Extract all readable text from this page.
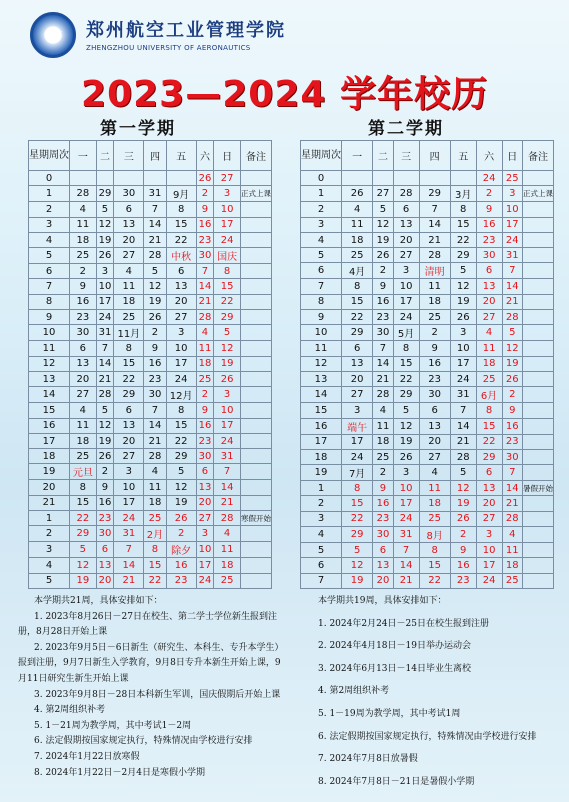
郑州航空工业管理学院
ZHENGZHOU UNIVERSITY OF AERONAUTICS
2023—2024 学年校历
第一学期	第二学期
星期周次	一	二	三	四	五	六	日	备注
0						26	27	
1	28	29	30	31	9月	2	3	正式上课
2	4	5	6	7	8	9	10	
3	11	12	13	14	15	16	17	
4	18	19	20	21	22	23	24	
5	25	26	27	28	中秋	30	国庆	
6	2	3	4	5	6	7	8	
7	9	10	11	12	13	14	15	
8	16	17	18	19	20	21	22	
9	23	24	25	26	27	28	29	
10	30	31	11月	2	3	4	5	
11	6	7	8	9	10	11	12	
12	13	14	15	16	17	18	19	
13	20	21	22	23	24	25	26	
14	27	28	29	30	12月	2	3	
15	4	5	6	7	8	9	10	
16	11	12	13	14	15	16	17	
17	18	19	20	21	22	23	24	
18	25	26	27	28	29	30	31	
19	元旦	2	3	4	5	6	7	
20	8	9	10	11	12	13	14	
21	15	16	17	18	19	20	21	
1	22	23	24	25	26	27	28	寒假开始
2	29	30	31	2月	2	3	4	
3	5	6	7	8	除夕	10	11	
4	12	13	14	15	16	17	18	
5	19	20	21	22	23	24	25	
星期周次	一	二	三	四	五	六	日	备注
0						24	25	
1	26	27	28	29	3月	2	3	正式上课
2	4	5	6	7	8	9	10	
3	11	12	13	14	15	16	17	
4	18	19	20	21	22	23	24	
5	25	26	27	28	29	30	31	
6	4月	2	3	清明	5	6	7	
7	8	9	10	11	12	13	14	
8	15	16	17	18	19	20	21	
9	22	23	24	25	26	27	28	
10	29	30	5月	2	3	4	5	
11	6	7	8	9	10	11	12	
12	13	14	15	16	17	18	19	
13	20	21	22	23	24	25	26	
14	27	28	29	30	31	6月	2	
15	3	4	5	6	7	8	9	
16	端午	11	12	13	14	15	16	
17	17	18	19	20	21	22	23	
18	24	25	26	27	28	29	30	
19	7月	2	3	4	5	6	7	
1	8	9	10	11	12	13	14	暑假开始
2	15	16	17	18	19	20	21	
3	22	23	24	25	26	27	28	
4	29	30	31	8月	2	3	4	
5	5	6	7	8	9	10	11	
6	12	13	14	15	16	17	18	
7	19	20	21	22	23	24	25	

本学期共21周，具体安排如下：

1. 2023年8月26日－27日在校生、第二学士学位新生报到注册，8月28日开始上课

2. 2023年9月5日－6日新生（研究生、本科生、专升本学生）报到注册，9月7日新生入学教育，9月8日专升本新生开始上课，9月11日研究生新生开始上课

3. 2023年9月8日－28日本科新生军训，国庆假期后开始上课

4. 第2周组织补考

5. 1－21周为教学周，其中考试1－2周

6. 法定假期按国家规定执行，特殊情况由学校进行安排

7. 2024年1月22日放寒假

8. 2024年1月22日－2月4日是寒假小学期

本学期共19周，具体安排如下：

1. 2024年2月24日－25日在校生报到注册

2. 2024年4月18日－19日举办运动会

3. 2024年6月13日－14日毕业生离校

4. 第2周组织补考

5. 1－19周为教学周，其中考试1周

6. 法定假期按国家规定执行，特殊情况由学校进行安排

7. 2024年7月8日放暑假

8. 2024年7月8日－21日是暑假小学期
